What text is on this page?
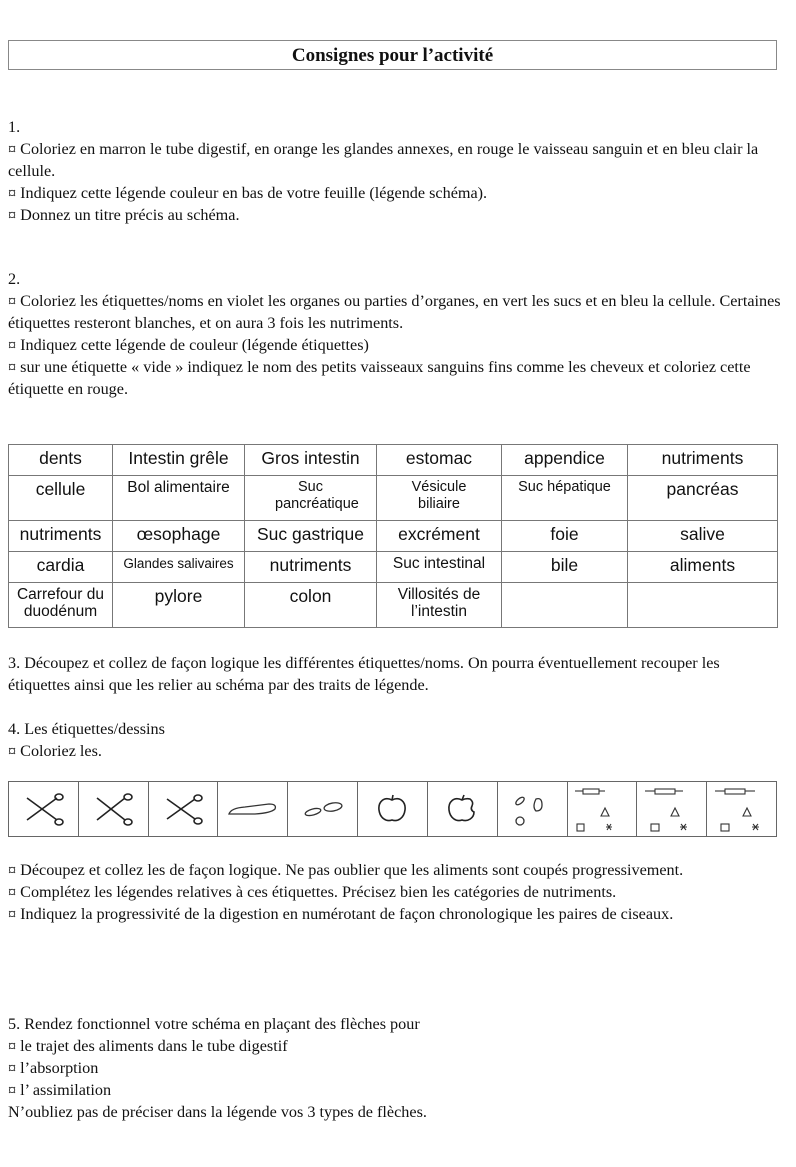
Consignes pour l’activité

1.

¤ Coloriez en marron le tube digestif, en orange les glandes annexes, en rouge le vaisseau sanguin et en bleu clair la cellule.

¤ Indiquez cette légende couleur en bas de votre feuille (légende schéma).

¤ Donnez un titre précis au schéma.

2.

¤ Coloriez les étiquettes/noms en violet les organes ou parties d’organes, en vert les sucs et en bleu la cellule. Certaines étiquettes resteront blanches, et on aura 3 fois les nutriments.

¤ Indiquez cette légende de couleur (légende étiquettes)

¤ sur une étiquette « vide » indiquez le nom des petits vaisseaux sanguins fins comme les cheveux et coloriez cette étiquette en rouge.

dents	Intestin grêle	Gros intestin	estomac	appendice	nutriments
cellule	Bol alimentaire	Suc pancréatique	Vésicule biliaire	Suc hépatique	pancréas
nutriments	œsophage	Suc gastrique	excrément	foie	salive
cardia	Glandes salivaires	nutriments	Suc intestinal	bile	aliments
Carrefour du duodénum	pylore	colon	Villosités de l’intestin		

3. Découpez et collez de façon logique les différentes étiquettes/noms. On pourra éventuellement recouper les étiquettes ainsi que les relier au schéma par des traits de légende.

4. Les étiquettes/dessins

¤ Coloriez les.

¤ Découpez et collez les de façon logique. Ne pas oublier que les aliments sont coupés progressivement.

¤ Complétez les légendes relatives à ces étiquettes. Précisez bien les catégories de nutriments.

¤ Indiquez la progressivité de la digestion en numérotant de façon chronologique les paires de ciseaux.

5. Rendez fonctionnel votre schéma en plaçant des flèches pour

¤ le trajet des aliments dans le tube digestif

¤ l’absorption

¤ l’ assimilation

N’oubliez pas de préciser dans la légende vos 3 types de flèches.
